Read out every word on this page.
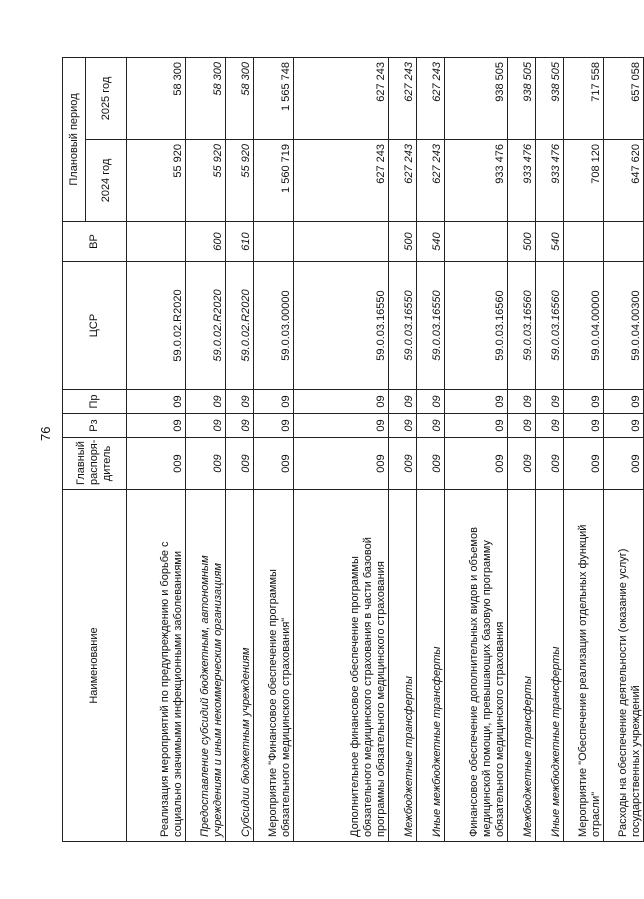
76
Наименование	Главный распоря-дитель	Рз	Пр	ЦСР	ВР	Плановый период	
						2024 год	2025 год
Реализация мероприятий по предупреждению и борьбе с социально значимыми инфекционными заболеваниями	009	09	09	59.0.02.R2020		55 920	58 300
Предоставление субсидий бюджетным, автономным учреждениям и иным некоммерческим организациям	009	09	09	59.0.02.R2020	600	55 920	58 300
Субсидии бюджетным учреждениям	009	09	09	59.0.02.R2020	610	55 920	58 300
Мероприятие "Финансовое обеспечение программы обязательного медицинского страхования"	009	09	09	59.0.03.00000		1 560 719	1 565 748
Дополнительное финансовое обеспечение программы обязательного медицинского страхования в части базовой программы обязательного медицинского страхования	009	09	09	59.0.03.16550		627 243	627 243
Межбюджетные трансферты	009	09	09	59.0.03.16550	500	627 243	627 243
Иные межбюджетные трансферты	009	09	09	59.0.03.16550	540	627 243	627 243
Финансовое обеспечение дополнительных видов и объемов медицинской помощи, превышающих базовую программу обязательного медицинского страхования	009	09	09	59.0.03.16560		933 476	938 505
Межбюджетные трансферты	009	09	09	59.0.03.16560	500	933 476	938 505
Иные межбюджетные трансферты	009	09	09	59.0.03.16560	540	933 476	938 505
Мероприятие "Обеспечение реализации отдельных функций отрасли"	009	09	09	59.0.04.00000		708 120	717 558
Расходы на обеспечение деятельности (оказание услуг) государственных учреждений	009	09	09	59.0.04.00300		647 620	657 058
